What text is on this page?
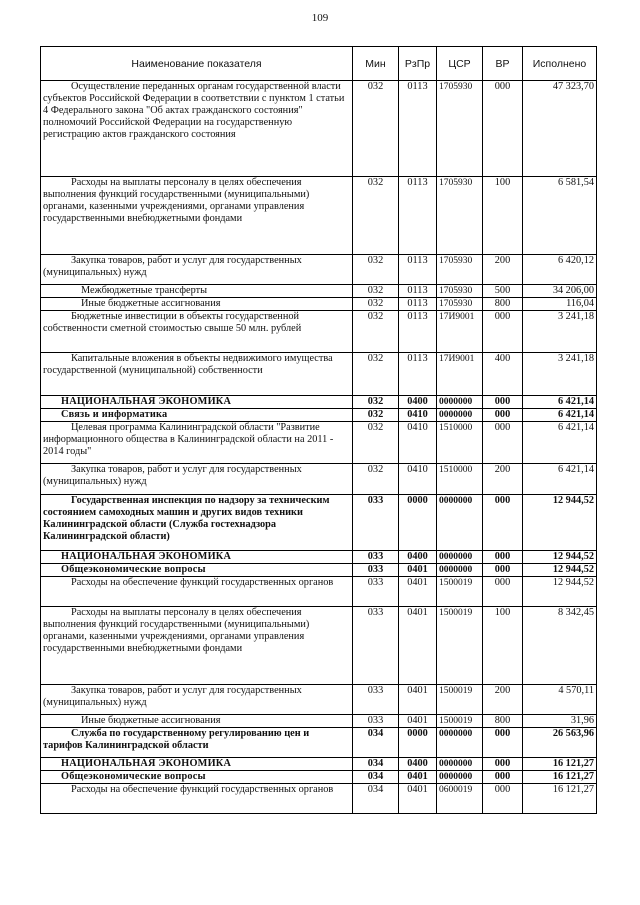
109
Наименование показателя	Мин	РзПр	ЦСР	ВР	Исполнено
Осуществление переданных органам государственной власти субъектов Российской Федерации в соответствии с пунктом 1 статьи 4 Федерального закона "Об актах гражданского состояния" полномочий Российской Федерации на государственную регистрацию актов гражданского состояния	032	0113	1705930	000	47 323,70
Расходы на выплаты персоналу в целях обеспечения выполнения функций государственными (муниципальными) органами, казенными учреждениями, органами управления государственными внебюджетными фондами	032	0113	1705930	100	6 581,54
Закупка товаров, работ и услуг для государственных (муниципальных) нужд	032	0113	1705930	200	6 420,12
Межбюджетные трансферты	032	0113	1705930	500	34 206,00
Иные бюджетные ассигнования	032	0113	1705930	800	116,04
Бюджетные инвестиции в объекты государственной собственности сметной стоимостью свыше 50 млн. рублей	032	0113	17И9001	000	3 241,18
Капитальные вложения в объекты недвижимого имущества государственной (муниципальной) собственности	032	0113	17И9001	400	3 241,18
НАЦИОНАЛЬНАЯ ЭКОНОМИКА	032	0400	0000000	000	6 421,14
Связь и информатика	032	0410	0000000	000	6 421,14
Целевая программа Калининградской области "Развитие информационного общества в Калининградской области на 2011 - 2014 годы"	032	0410	1510000	000	6 421,14
Закупка товаров, работ и услуг для государственных (муниципальных) нужд	032	0410	1510000	200	6 421,14
Государственная инспекция по надзору за техническим состоянием самоходных машин и других видов техники Калининградской области (Служба гостехнадзора Калининградской области)	033	0000	0000000	000	12 944,52
НАЦИОНАЛЬНАЯ ЭКОНОМИКА	033	0400	0000000	000	12 944,52
Общеэкономические вопросы	033	0401	0000000	000	12 944,52
Расходы на обеспечение функций государственных органов	033	0401	1500019	000	12 944,52
Расходы на выплаты персоналу в целях обеспечения выполнения функций государственными (муниципальными) органами, казенными учреждениями, органами управления государственными внебюджетными фондами	033	0401	1500019	100	8 342,45
Закупка товаров, работ и услуг для государственных (муниципальных) нужд	033	0401	1500019	200	4 570,11
Иные бюджетные ассигнования	033	0401	1500019	800	31,96
Служба по государственному регулированию цен и тарифов Калининградской области	034	0000	0000000	000	26 563,96
НАЦИОНАЛЬНАЯ ЭКОНОМИКА	034	0400	0000000	000	16 121,27
Общеэкономические вопросы	034	0401	0000000	000	16 121,27
Расходы на обеспечение функций государственных органов	034	0401	0600019	000	16 121,27
